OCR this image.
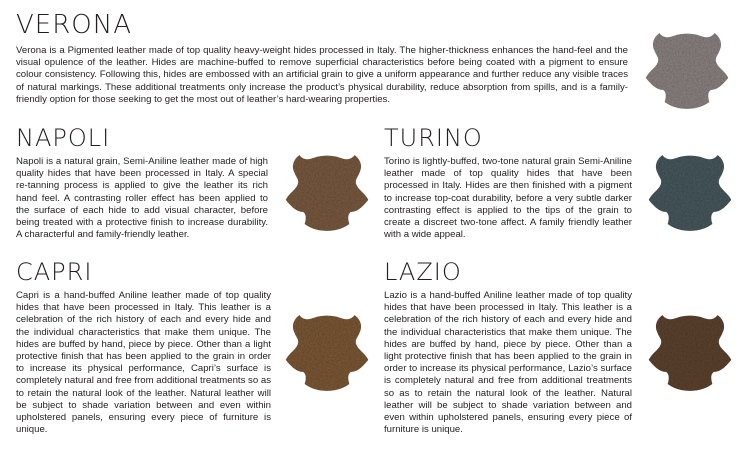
VERONA

Verona is a Pigmented leather made of top quality heavy-weight hides processed in Italy. The higher-thickness enhances the hand-feel and the visual opulence of the leather. Hides are machine-buffed to remove superficial characteristics before being coated with a pigment to ensure colour consistency. Following this, hides are embossed with an artificial grain to give a uniform appearance and further reduce any visible traces of natural markings. These additional treatments only increase the product’s physical durability, reduce absorption from spills, and is a family-friendly option for those seeking to get the most out of leather’s hard-wearing properties.

NAPOLI

Napoli is a natural grain, Semi-Aniline leather made of high quality hides that have been processed in Italy. A special re-tanning process is applied to give the leather its rich hand feel. A contrasting roller effect has been applied to the surface of each hide to add visual character, before being treated with a protective finish to increase durability. A characterful and family-friendly leather.

TURINO

Torino is lightly-buffed, two-tone natural grain Semi-Aniline leather made of top quality hides that have been processed in Italy. Hides are then finished with a pigment to increase top-coat durability, before a very subtle darker contrasting effect is applied to the tips of the grain to create a discreet two-tone affect. A family friendly leather with a wide appeal.

CAPRI

Capri is a hand-buffed Aniline leather made of top quality hides that have been processed in Italy. This leather is a celebration of the rich history of each and every hide and the individual characteristics that make them unique. The hides are buffed by hand, piece by piece. Other than a light protective finish that has been applied to the grain in order to increase its physical performance, Capri’s surface is completely natural and free from additional treatments so as to retain the natural look of the leather. Natural leather will be subject to shade variation between and even within upholstered panels, ensuring every piece of furniture is unique.

LAZIO

Lazio is a hand-buffed Aniline leather made of top quality hides that have been processed in Italy. This leather is a celebration of the rich history of each and every hide and the individual characteristics that make them unique. The hides are buffed by hand, piece by piece. Other than a light protective finish that has been applied to the grain in order to increase its physical performance, Lazio’s surface is completely natural and free from additional treatments so as to retain the natural look of the leather. Natural leather will be subject to shade variation between and even within upholstered panels, ensuring every piece of furniture is unique.
